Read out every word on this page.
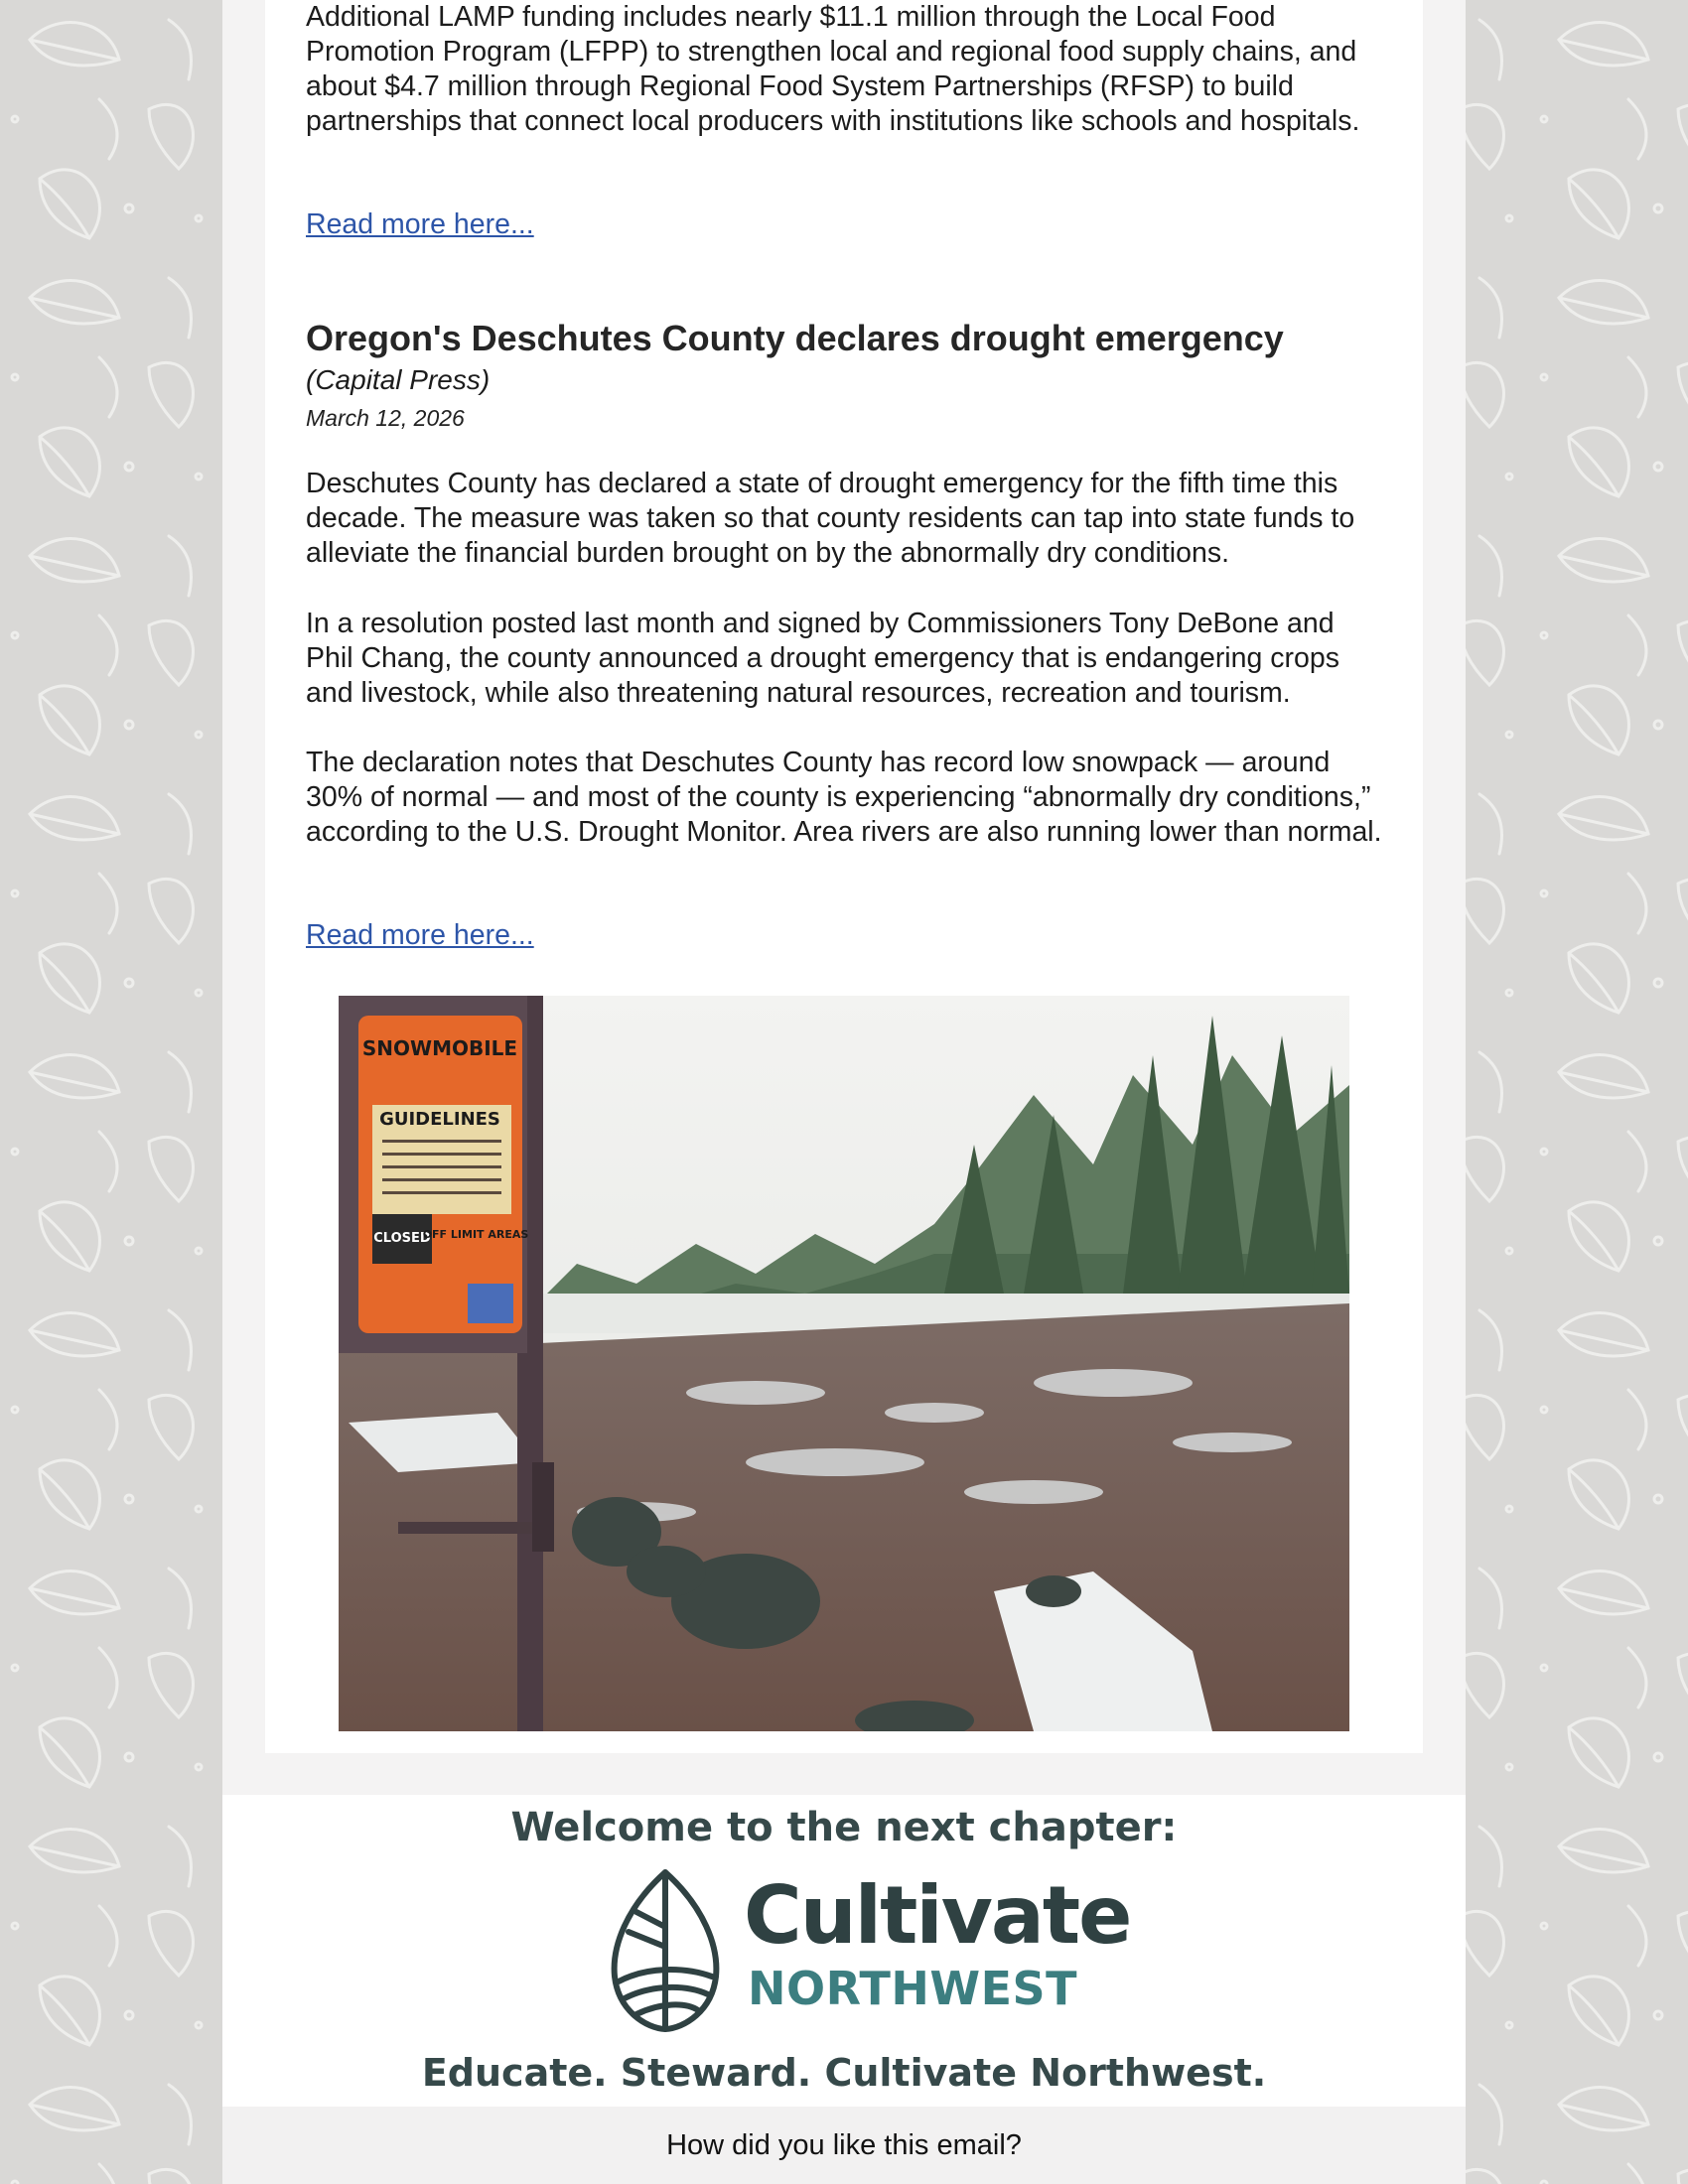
Additional LAMP funding includes nearly $11.1 million through the Local Food Promotion Program (LFPP) to strengthen local and regional food supply chains, and about $4.7 million through Regional Food System Partnerships (RFSP) to build partnerships that connect local producers with institutions like schools and hospitals.

Read more here...
Oregon's Deschutes County declares drought emergency
(Capital Press)
March 12, 2026

Deschutes County has declared a state of drought emergency for the fifth time this decade. The measure was taken so that county residents can tap into state funds to alleviate the financial burden brought on by the abnormally dry conditions.

In a resolution posted last month and signed by Commissioners Tony DeBone and Phil Chang, the county announced a drought emergency that is endangering crops and livestock, while also threatening natural resources, recreation and tourism.

The declaration notes that Deschutes County has record low snowpack — around 30% of normal — and most of the county is experiencing “abnormally dry conditions,” according to the U.S. Drought Monitor. Area rivers are also running lower than normal.

Read more here...
SNOWMOBILE
GUIDELINES
CLOSED
OFF LIMIT AREAS
Welcome to the next chapter:
Cultivate
NORTHWEST
Educate. Steward. Cultivate Northwest.
How did you like this email?
